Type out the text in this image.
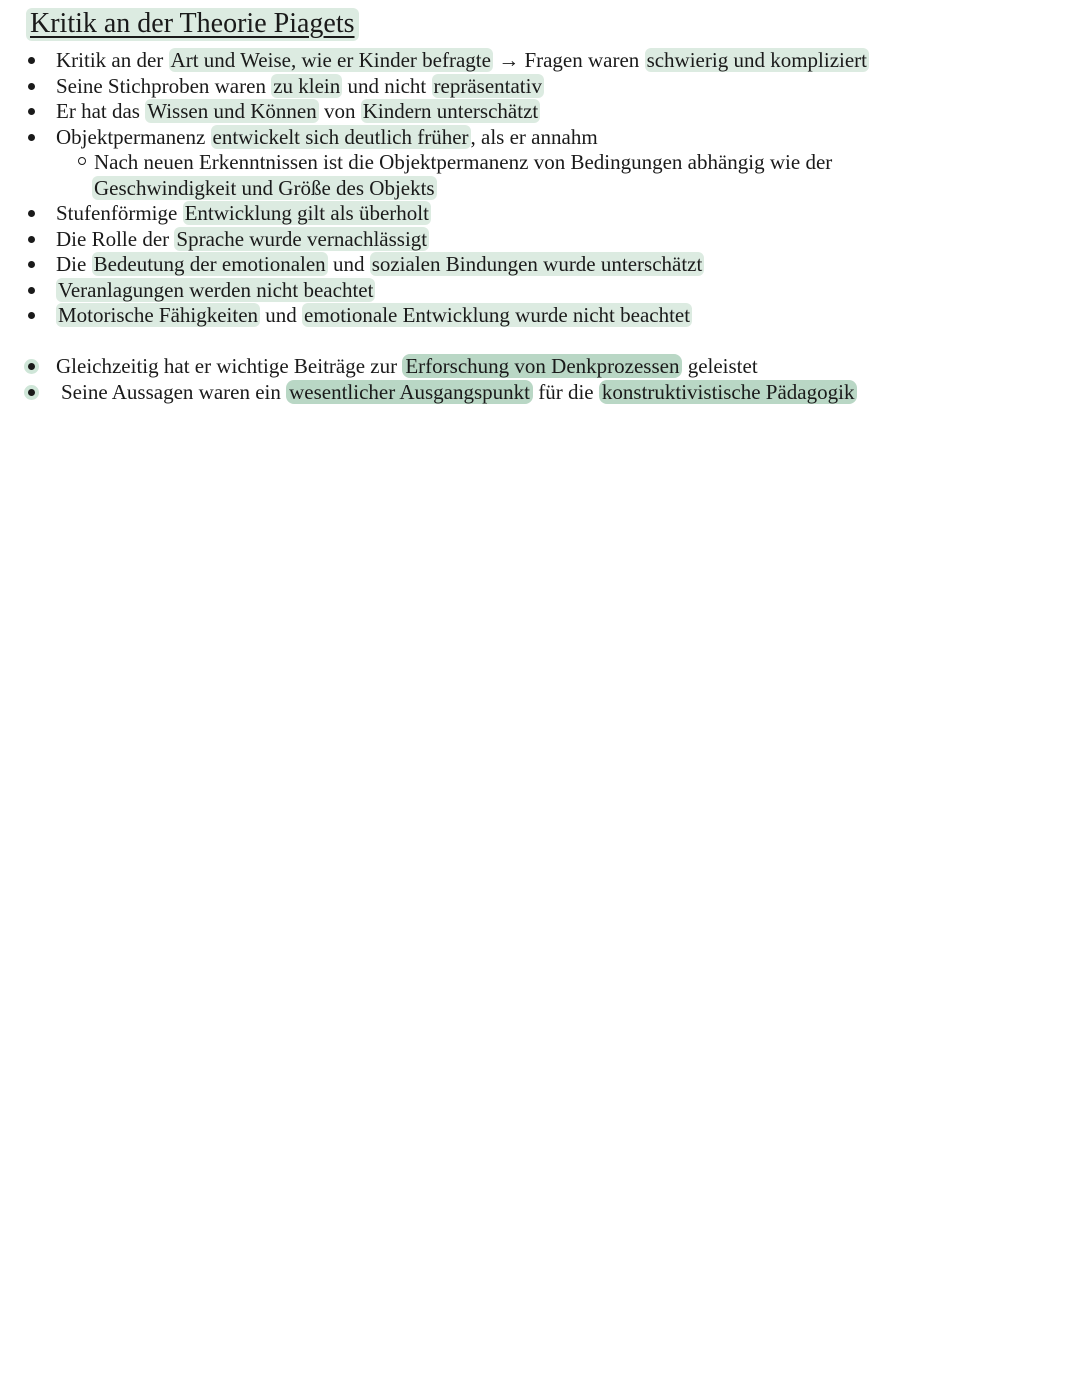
Kritik an der Theorie Piagets
Kritik an der Art und Weise, wie er Kinder befragte → Fragen waren schwierig und kompliziert
Seine Stichproben waren zu klein und nicht repräsentativ
Er hat das Wissen und Können von Kindern unterschätzt
Objektpermanenz entwickelt sich deutlich früher, als er annahm
Nach neuen Erkenntnissen ist die Objektpermanenz von Bedingungen abhängig wie der
Geschwindigkeit und Größe des Objekts
Stufenförmige Entwicklung gilt als überholt
Die Rolle der Sprache wurde vernachlässigt
Die Bedeutung der emotionalen und sozialen Bindungen wurde unterschätzt
Veranlagungen werden nicht beachtet
Motorische Fähigkeiten und emotionale Entwicklung wurde nicht beachtet
Gleichzeitig hat er wichtige Beiträge zur Erforschung von Denkprozessen geleistet
Seine Aussagen waren ein wesentlicher Ausgangspunkt für die konstruktivistische Pädagogik
